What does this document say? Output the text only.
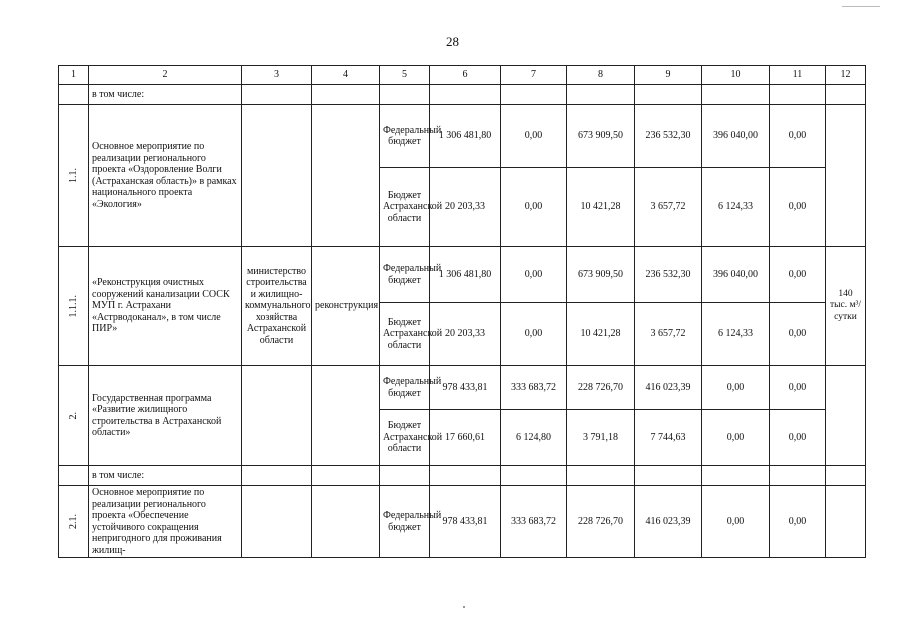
28
1	2	3	4	5	6	7	8	9	10	11	12
	в том числе:										

1.1.	Основное мероприятие по реализации регионального проекта «Оздоровление Волги (Астраханская область)» в рамках национального проекта «Экология»			Федеральный бюджет	1 306 481,80	0,00	673 909,50	236 532,30	396 040,00	0,00	
				Бюджет Астраханской области	20 203,33	0,00	10 421,28	3 657,72	6 124,33	0,00	

1.1.1.	«Реконструкция очистных сооружений канализации СОСК МУП г. Астрахани «Астрводоканал», в том числе ПИР»	министерство строительства и жилищно-коммунального хозяйства Астраханской области	реконструкция	Федеральный бюджет	1 306 481,80	0,00	673 909,50	236 532,30	396 040,00	0,00	140 тыс. м³/сутки
				Бюджет Астраханской области	20 203,33	0,00	10 421,28	3 657,72	6 124,33	0,00	

2.	Государственная программа «Развитие жилищного строительства в Астраханской области»			Федеральный бюджет	978 433,81	333 683,72	228 726,70	416 023,39	0,00	0,00	
				Бюджет Астраханской области	17 660,61	6 124,80	3 791,18	7 744,63	0,00	0,00	
	в том числе:										

2.1.	Основное мероприятие по реализации регионального проекта «Обеспечение устойчивого сокращения непригодного для проживания жилищ-			Федеральный бюджет	978 433,81	333 683,72	228 726,70	416 023,39	0,00	0,00	
